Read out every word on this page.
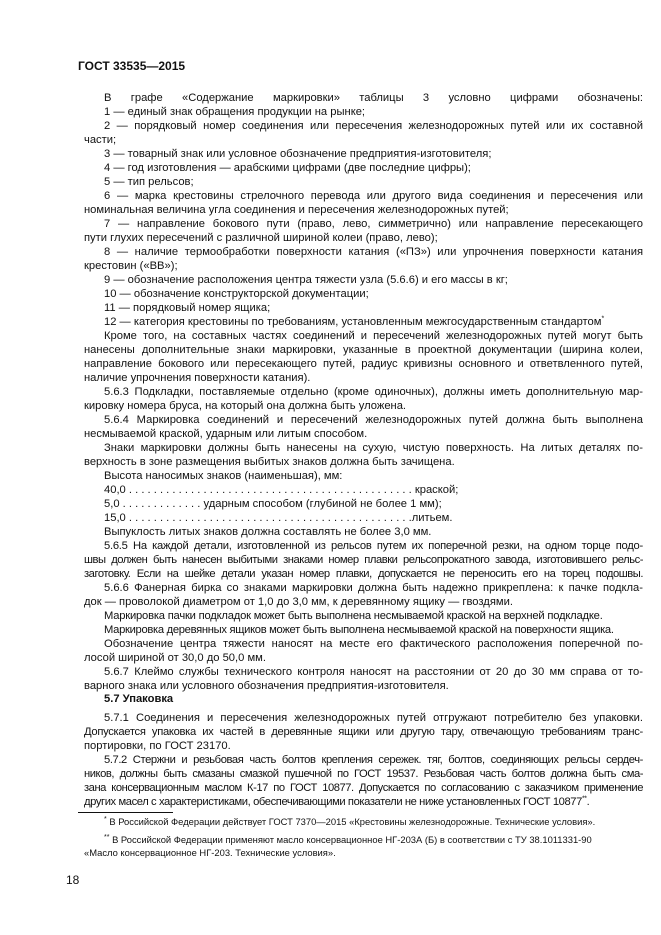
ГОСТ 33535—2015
В графе «Содержание маркировки» таблицы 3 условно цифрами обозначены:
1 — единый знак обращения продукции на рынке;
2 — порядковый номер соединения или пересечения железнодорожных путей или их составной
части;
3 — товарный знак или условное обозначение предприятия-изготовителя;
4 — год изготовления — арабскими цифрами (две последние цифры);
5 — тип рельсов;
6 — марка крестовины стрелочного перевода или другого вида соединения и пересечения или
номинальная величина угла соединения и пересечения железнодорожных путей;
7 — направление бокового пути (право, лево, симметрично) или направление пересекающего
пути глухих пересечений с различной шириной колеи (право, лево);
8 — наличие термообработки поверхности катания («ПЗ») или упрочнения поверхности катания
крестовин («ВВ»);
9 — обозначение расположения центра тяжести узла (5.6.6) и его массы в кг;
10 — обозначение конструкторской документации;
11 — порядковый номер ящика;
12 — категория крестовины по требованиям, установленным межгосударственным стандартом*
Кроме того, на составных частях соединений и пересечений железнодорожных путей могут быть
нанесены дополнительные знаки маркировки, указанные в проектной документации (ширина колеи,
направление бокового или пересекающего путей, радиус кривизны основного и ответвленного путей,
наличие упрочнения поверхности катания).
5.6.3 Подкладки, поставляемые отдельно (кроме одиночных), должны иметь дополнительную мар-
кировку номера бруса, на который она должна быть уложена.
5.6.4 Маркировка соединений и пересечений железнодорожных путей должна быть выполнена
несмываемой краской, ударным или литым способом.
Знаки маркировки должны быть нанесены на сухую, чистую поверхность. На литых деталях по-
верхность в зоне размещения выбитых знаков должна быть зачищена.
Высота наносимых знаков (наименьшая), мм:
40,0 . . . . . . . . . . . . . . . . . . . . . . . . . . . . . . . . . . . . . . . . . . . . . . краской;
5,0 . . . . . . . . . . . . . ударным способом (глубиной не более 1 мм);
15,0 . . . . . . . . . . . . . . . . . . . . . . . . . . . . . . . . . . . . . . . . . . . . . .литьем.
Выпуклость литых знаков должна составлять не более 3,0 мм.
5.6.5 На каждой детали, изготовленной из рельсов путем их поперечной резки, на одном торце подо-
швы должен быть нанесен выбитыми знаками номер плавки рельсопрокатного завода, изготовившего рельс-
заготовку. Если на шейке детали указан номер плавки, допускается не переносить его на торец подошвы.
5.6.6 Фанерная бирка со знаками маркировки должна быть надежно прикреплена: к пачке подкла-
док — проволокой диаметром от 1,0 до 3,0 мм, к деревянному ящику — гвоздями.
Маркировка пачки подкладок может быть выполнена несмываемой краской на верхней подкладке.
Маркировка деревянных ящиков может быть выполнена несмываемой краской на поверхности ящика.
Обозначение центра тяжести наносят на месте его фактического расположения поперечной по-
лосой шириной от 30,0 до 50,0 мм.
5.6.7 Клеймо службы технического контроля наносят на расстоянии от 20 до 30 мм справа от то-
варного знака или условного обозначения предприятия-изготовителя.
5.7 Упаковка
5.7.1 Соединения и пересечения железнодорожных путей отгружают потребителю без упаковки.
Допускается упаковка их частей в деревянные ящики или другую тару, отвечающую требованиям транс-
портировки, по ГОСТ 23170.
5.7.2 Стержни и резьбовая часть болтов крепления сережек. тяг, болтов, соединяющих рельсы сердеч-
ников, должны быть смазаны смазкой пушечной по ГОСТ 19537. Резьбовая часть болтов должна быть сма-
зана консервационным маслом К-17 по ГОСТ 10877. Допускается по согласованию с заказчиком применение
других масел с характеристиками, обеспечивающими показатели не ниже установленных ГОСТ 10877**.
* В Российской Федерации действует ГОСТ 7370—2015 «Крестовины железнодорожные. Технические условия».
** В Российской Федерации применяют масло консервационное НГ-203А (Б) в соответствии с ТУ 38.1011331-90
«Масло консервационное НГ-203. Технические условия».
18
